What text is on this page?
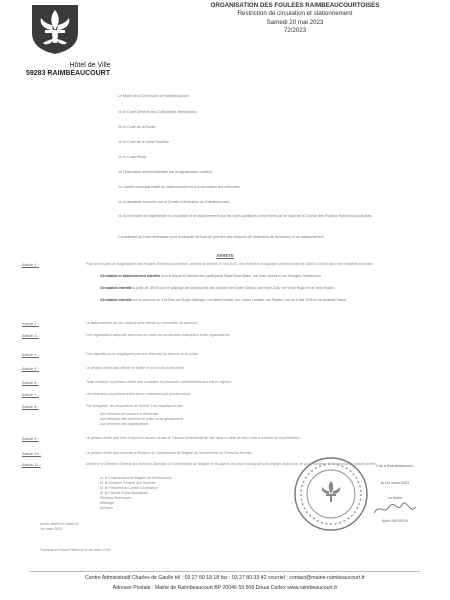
Hôtel de Ville
59283 RAIMBEAUCOURT
ORGANISATION DES FOULEES RAIMBEAUCOURTOISES
Restriction de circulation et stationnement
Samedi 20 mai 2023
72/2023
Le Maire de la Commune de Raimbeaucourt,
Vu le Code Général des Collectivités Territoriales,
Vu le Code de la Route,
Vu le Code de la Voirie Routière,
Vu le Code Pénal,
Vu l'instruction interministérielle sur la signalisation routière,
Vu l'arrêté municipal relatif au stationnement et à la circulation des véhicules,
Vu la demande formulée par le Comité d'Animation de Raimbeaucourt,
Vu la nécessité de réglementer la circulation et le stationnement sur les voies publiques concernées par le tracé de la Course des Foulées Raimbeaucourtoises,
Considérant qu'il est nécessaire pour la sécurité de tous de prendre des mesures de restriction de circulation et de stationnement
ARRETE
Article 1 :	Pour les besoins de l'organisation des Foulées Raimbeaucourtoises, prévues le samedi 20 mai 2023, une restriction temporaire sera instaurée de 14h00 à 19h00 selon les modalités suivantes :
Circulation et stationnement interdits pour le départ et l'arrivée des participants Place Rose-Blanc, rue Jean Jaurès et rue Georges Clemenceau.
Circulation interdite à partir de 15h00 pour le passage des participants des courses rue Daniel Deleau, rue Emile Zola, rue Victor Hugo et rue Jean Moulin.
Circulation interdite sur le parcours de 2 et 5 km rue Roger Salengro, rue Alfred Kastler, rue Lucien Lemaire, rue Pasteur, rue du 8 Mai 1945 et rue Anatole France.
Article 2 :	Le stationnement de tout véhicule sera interdit sur l'ensemble du parcours.
Article 3 :	Une signalisation adéquate sera mise en place par les services municipaux et les organisateurs.
Article 4 :	Ces dispositions ne s'appliquent pas aux véhicules de secours et de police.
Article 5 :	Le présent arrêté sera affiché en Mairie et sur les lieux concernés.
Article 6 :	Toute infraction au présent arrêté sera constatée et poursuivie conformément aux lois en vigueur.
Article 7 :	Les infractions au présent arrêté seront constatées par procès-verbal.
Article 8 :	Par dérogation, les dispositions de l'article 1 ne s'appliquent pas :
- aux véhicules de secours et d'incendie
- aux véhicules des services de police et de gendarmerie
- aux véhicules des organisateurs
Article 9 :	Le présent arrêté peut faire l'objet d'un recours devant le Tribunal Administratif de Lille dans un délai de deux mois à compter de sa publication.
Article 10 :	Le présent arrêté sera transmis à Monsieur le Commandant de Brigade de Gendarmerie de Flines-lez-Raches.
Article 11 :	Monsieur le Directeur Général des Services, Monsieur le Commandant de Brigade et les agents de police municipale sont chargés chacun en ce qui le concerne de l'exécution du présent arrêté.
- M. le Commandant de Brigade de Gendarmerie
- M. le Directeur Général des Services
- M. le Président du Comité d'Animation
- M. le Chef de Police Municipale
- Services Techniques
- Affichage
- Archives
Arrêté affiché en Mairie le
1er mars 2023
Transmis en Sous-Préfecture le 1er mars 2023
Fait à Raimbeaucourt,
le 1er mars 2023
Le Maire
Alain MESSON
Centre Administratif Charles de Gaulle tél : 03 27 80 18 18 fax : 03 27 80 33 42 courriel : contact@mairie-raimbeaucourt.fr
Adresse Postale : Mairie de Raimbeaucourt BP 20046 59 509 Douai Cedex www.raimbeaucourt.fr
